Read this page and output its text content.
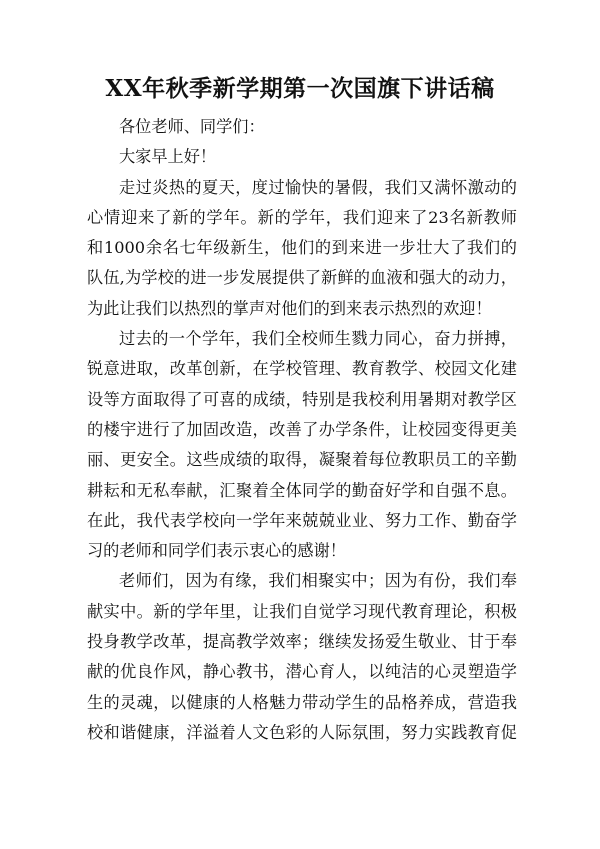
XX年秋季新学期第一次国旗下讲话稿
各位老师、同学们：
大家早上好！
走过炎热的夏天，度过愉快的暑假，我们又满怀激动的
心情迎来了新的学年。新的学年，我们迎来了23名新教师
和1000余名七年级新生，他们的到来进一步壮大了我们的
队伍,为学校的进一步发展提供了新鲜的血液和强大的动力，
为此让我们以热烈的掌声对他们的到来表示热烈的欢迎！
过去的一个学年，我们全校师生戮力同心，奋力拼搏，
锐意进取，改革创新，在学校管理、教育教学、校园文化建
设等方面取得了可喜的成绩，特别是我校利用暑期对教学区
的楼宇进行了加固改造，改善了办学条件，让校园变得更美
丽、更安全。这些成绩的取得，凝聚着每位教职员工的辛勤
耕耘和无私奉献，汇聚着全体同学的勤奋好学和自强不息。
在此，我代表学校向一学年来兢兢业业、努力工作、勤奋学
习的老师和同学们表示衷心的感谢！
老师们，因为有缘，我们相聚实中；因为有份，我们奉
献实中。新的学年里，让我们自觉学习现代教育理论，积极
投身教学改革，提高教学效率；继续发扬爱生敬业、甘于奉
献的优良作风，静心教书，潜心育人，以纯洁的心灵塑造学
生的灵魂，以健康的人格魅力带动学生的品格养成，营造我
校和谐健康，洋溢着人文色彩的人际氛围，努力实践教育促
